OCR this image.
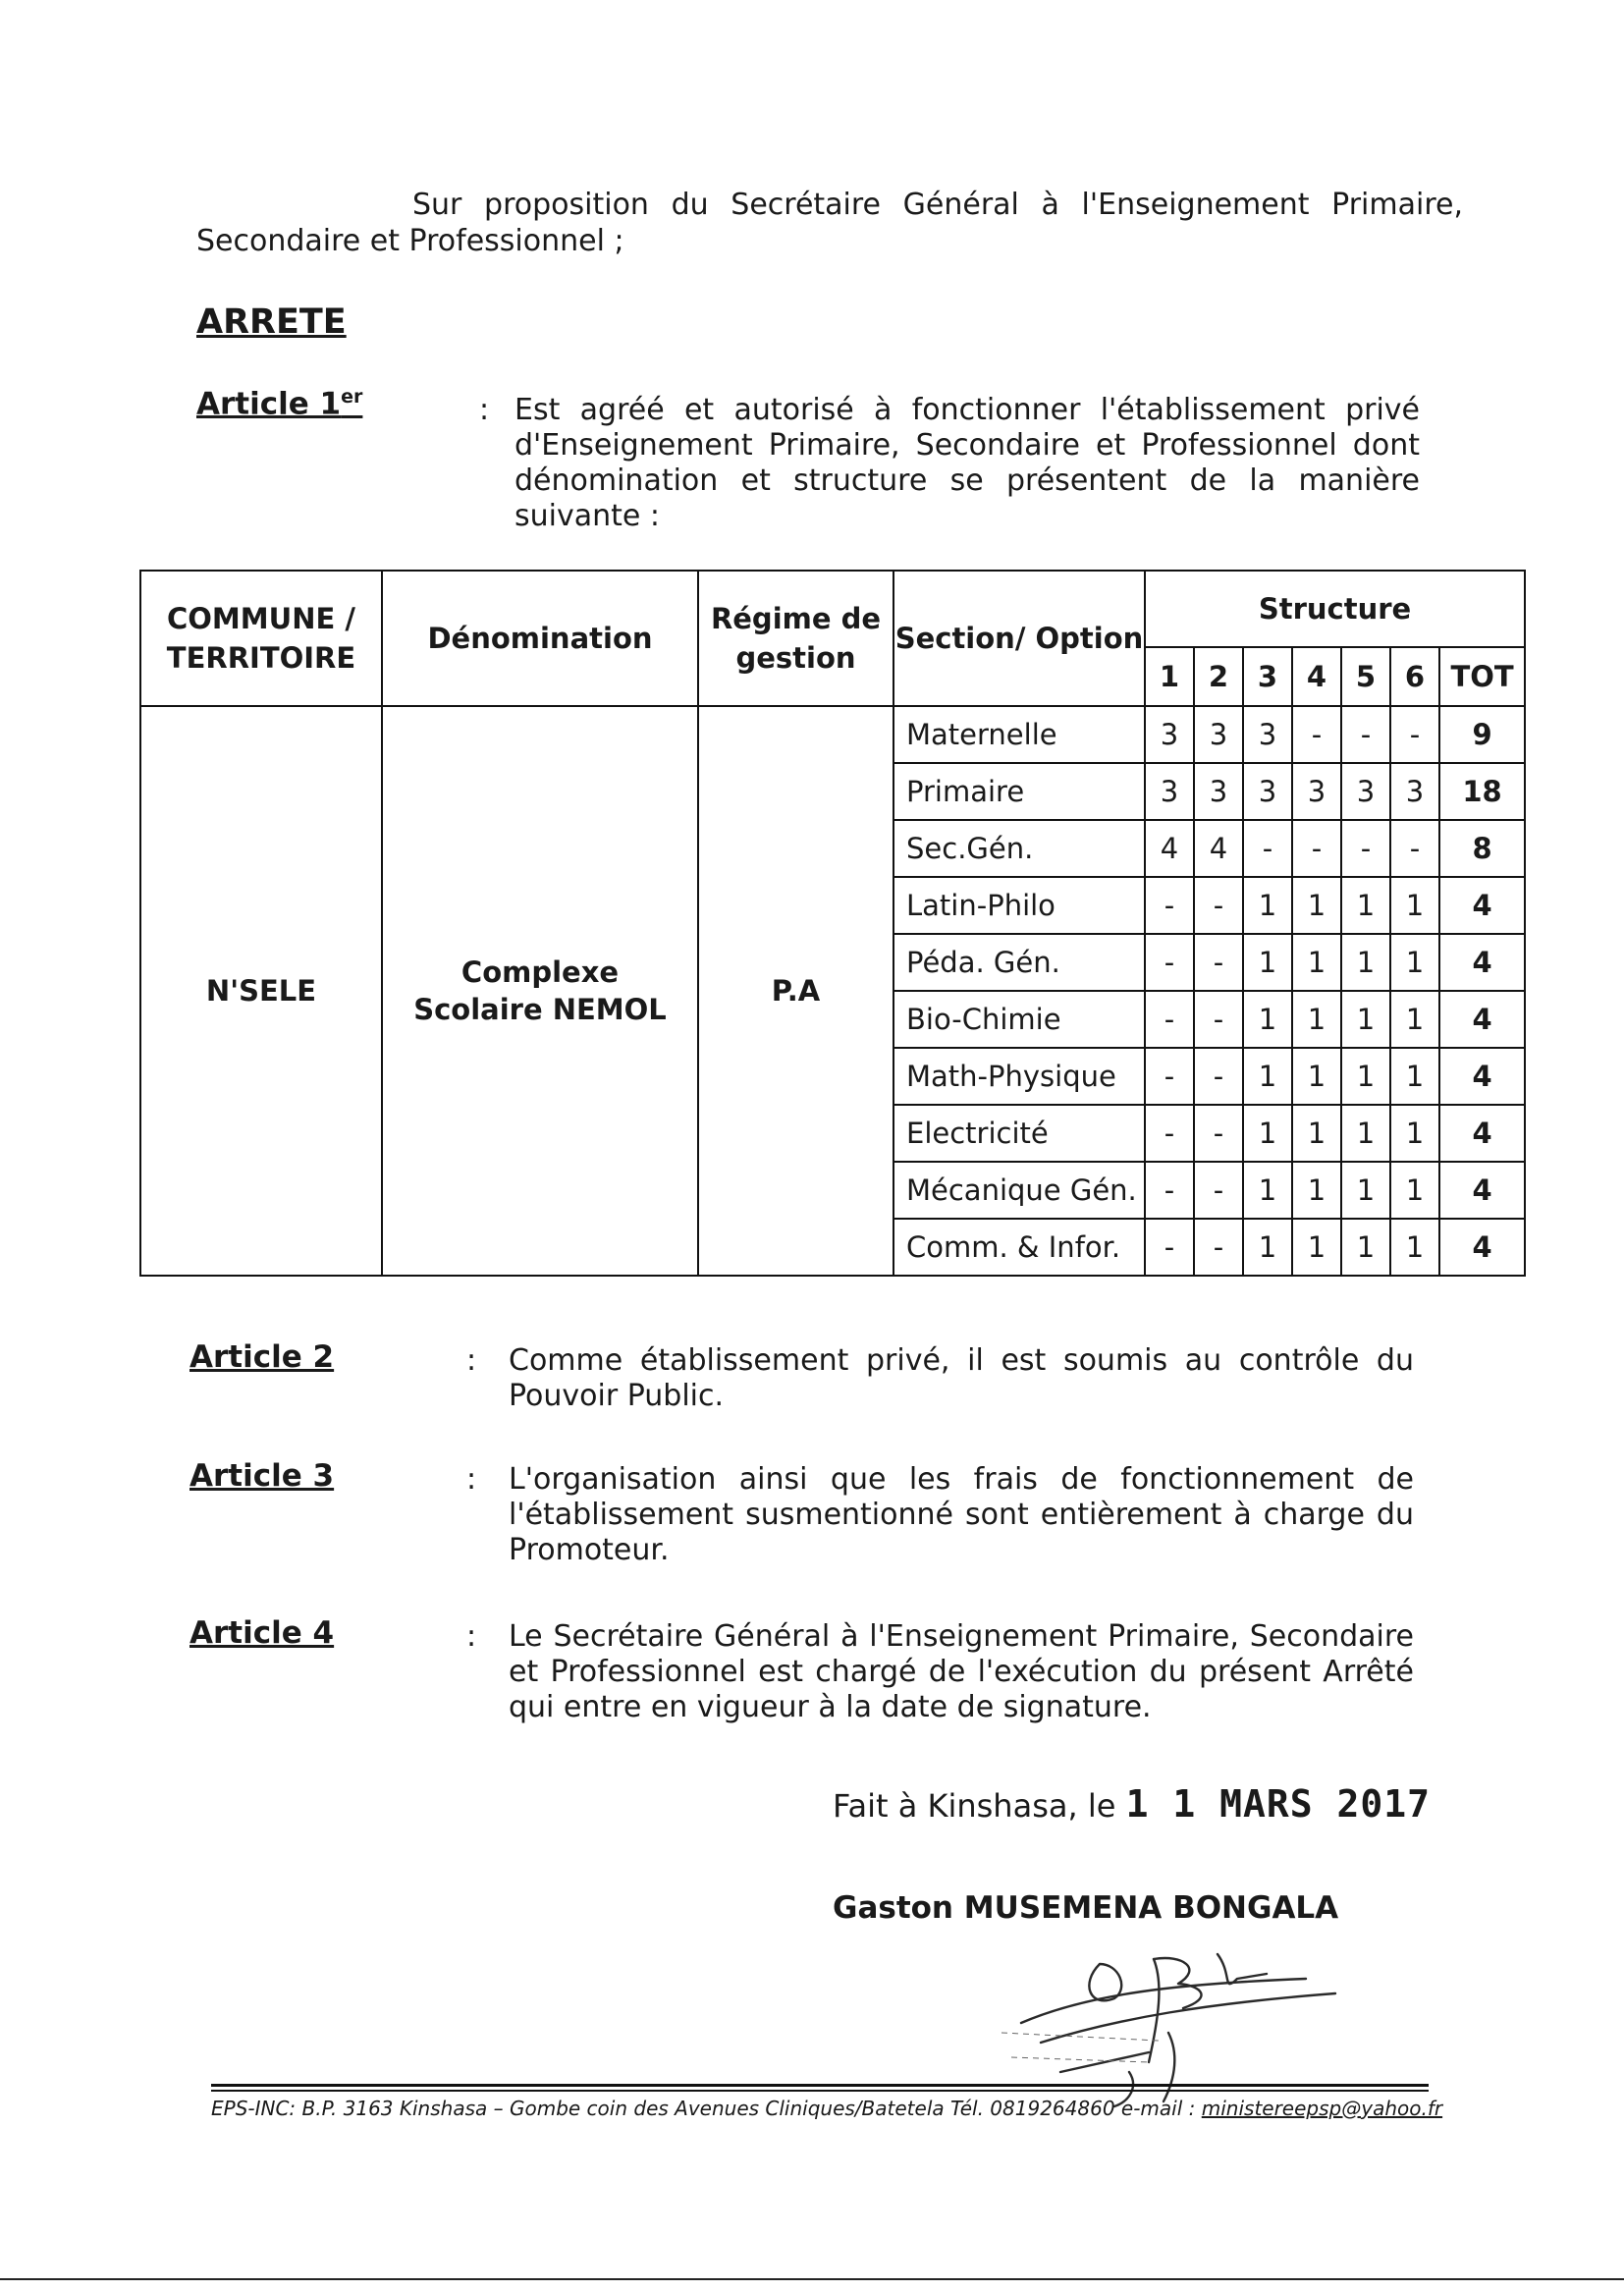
Sur proposition du Secrétaire Général à l'Enseignement Primaire,
Secondaire et Professionnel ;
ARRETE
Article 1er	: Est agréé et autorisé à fonctionner l'établissement privé
d'Enseignement Primaire, Secondaire et Professionnel dont
dénomination et structure se présentent de la manière
suivante :
COMMUNE / TERRITOIRE	Dénomination	Régime de gestion	Section/ Option	Structure						
				1	2	3	4	5	6	TOT
N'SELE	Complexe Scolaire NEMOL	P.A	Maternelle	3	3	3	-	-	-	9
			Primaire	3	3	3	3	3	3	18
			Sec.Gén.	4	4	-	-	-	-	8
			Latin-Philo	-	-	1	1	1	1	4
			Péda. Gén.	-	-	1	1	1	1	4
			Bio-Chimie	-	-	1	1	1	1	4
			Math-Physique	-	-	1	1	1	1	4
			Electricité	-	-	1	1	1	1	4
			Mécanique Gén.	-	-	1	1	1	1	4
			Comm. & Infor.	-	-	1	1	1	1	4
Article 2	: Comme établissement privé, il est soumis au contrôle du
Pouvoir Public.
Article 3	: L'organisation ainsi que les frais de fonctionnement de
l'établissement susmentionné sont entièrement à charge du
Promoteur.
Article 4	: Le Secrétaire Général à l'Enseignement Primaire, Secondaire
et Professionnel est chargé de l'exécution du présent Arrêté
qui entre en vigueur à la date de signature.
Fait à Kinshasa, le 1 1 MARS 2017
Gaston MUSEMENA BONGALA
EPS-INC: B.P. 3163 Kinshasa – Gombe coin des Avenues Cliniques/Batetela Tél. 0819264860 e-mail : ministereepsp@yahoo.fr
